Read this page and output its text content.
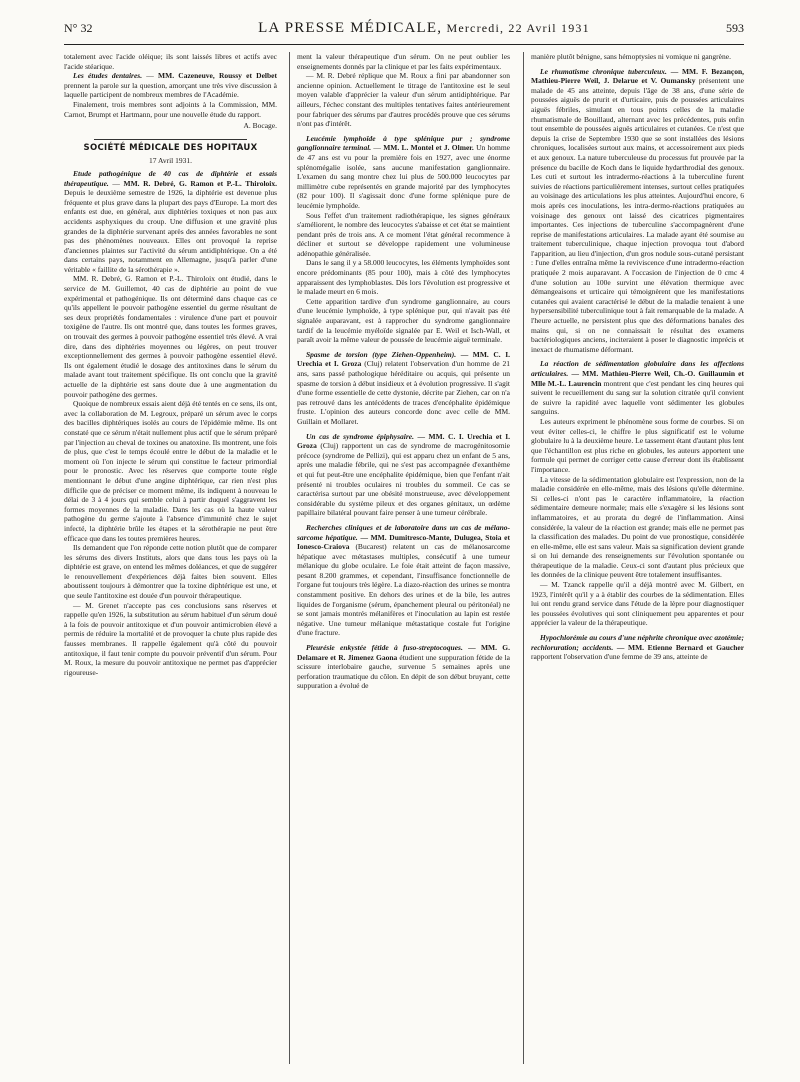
N° 32	LA PRESSE MÉDICALE, Mercredi, 22 Avril 1931	593

totalement avec l'acide oléique; ils sont laissés libres et actifs avec l'acide stéarique.

Les études dentaires. — MM. Cazeneuve, Roussy et Delbet prennent la parole sur la question, amorçant une très vive discussion à laquelle participent de nombreux membres de l'Académie.

Finalement, trois membres sont adjoints à la Commission, MM. Carnot, Brumpt et Hartmann, pour une nouvelle étude du rapport.

A. Bocage.
SOCIÉTÉ MÉDICALE DES HOPITAUX
17 Avril 1931.

Etude pathogénique de 40 cas de diphtérie et essais thérapeutique. — MM. R. Debré, G. Ramon et P.-L. Thiroloix. Depuis le deuxième semestre de 1926, la diphtérie est devenue plus fréquente et plus grave dans la plupart des pays d'Europe. La mort des enfants est due, en général, aux diphtéries toxiques et non pas aux accidents asphyxiques du croup. Une diffusion et une gravité plus grandes de la diphtérie survenant après des années favorables ne sont pas des phénomènes nouveaux. Elles ont provoqué la reprise d'anciennes plaintes sur l'activité du sérum antidiphtérique. On a été dans certains pays, notamment en Allemagne, jusqu'à parler d'une véritable « faillite de la sérothérapie ».

MM. R. Debré, G. Ramon et P.-L. Thiroloix ont étudié, dans le service de M. Guillemot, 40 cas de diphtérie au point de vue expérimental et pathogénique. Ils ont déterminé dans chaque cas ce qu'ils appellent le pouvoir pathogène essentiel du germe résultant de ses deux propriétés fondamentales : virulence d'une part et pouvoir toxigène de l'autre. Ils ont montré que, dans toutes les formes graves, on trouvait des germes à pouvoir pathogène essentiel très élevé. A vrai dire, dans des diphtéries moyennes ou légères, on peut trouver exceptionnellement des germes à pouvoir pathogène essentiel élevé. Ils ont également étudié le dosage des antitoxines dans le sérum du malade avant tout traitement spécifique. Ils ont conclu que la gravité actuelle de la diphtérie est sans doute due à une augmentation du pouvoir pathogène des germes.

Quoique de nombreux essais aient déjà été tentés en ce sens, ils ont, avec la collaboration de M. Legroux, préparé un sérum avec le corps des bacilles diphtériques isolés au cours de l'épidémie même. Ils ont constaté que ce sérum n'était nullement plus actif que le sérum préparé par l'injection au cheval de toxines ou anatoxine. Ils montrent, une fois de plus, que c'est le temps écoulé entre le début de la maladie et le moment où l'on injecte le sérum qui constitue le facteur primordial pour le pronostic. Avec les réserves que comporte toute règle mentionnant le début d'une angine diphtérique, car rien n'est plus difficile que de préciser ce moment même, ils indiquent à nouveau le délai de 3 à 4 jours qui semble celui à partir duquel s'aggravent les formes moyennes de la maladie. Dans les cas où la haute valeur pathogène du germe s'ajoute à l'absence d'immunité chez le sujet infecté, la diphtérie brûle les étapes et la sérothérapie ne peut être efficace que dans les toutes premières heures.

Ils demandent que l'on réponde cette notion plutôt que de comparer les sérums des divers Instituts, alors que dans tous les pays où la diphtérie est grave, on entend les mêmes doléances, et que de suggérer le renouvellement d'expériences déjà faites bien souvent. Elles aboutissent toujours à démontrer que la toxine diphtérique est une, et que seule l'antitoxine est douée d'un pouvoir thérapeutique.

— M. Grenet n'accepte pas ces conclusions sans réserves et rappelle qu'en 1926, la substitution au sérum habituel d'un sérum doué à la fois de pouvoir antitoxique et d'un pouvoir antimicrobien élevé a permis de réduire la mortalité et de provoquer la chute plus rapide des fausses membranes. Il rappelle également qu'à côté du pouvoir antitoxique, il faut tenir compte du pouvoir préventif d'un sérum. Pour M. Roux, la mesure du pouvoir antitoxique ne permet pas d'apprécier rigoureuse-

ment la valeur thérapeutique d'un sérum. On ne peut oublier les enseignements donnés par la clinique et par les faits expérimentaux.

— M. R. Debré réplique que M. Roux a fini par abandonner son ancienne opinion. Actuellement le titrage de l'antitoxine est le seul moyen valable d'apprécier la valeur d'un sérum antidiphtérique. Par ailleurs, l'échec constant des multiples tentatives faites antérieurement pour fabriquer des sérums par d'autres procédés prouve que ces sérums n'ont pas d'intérêt.

Leucémie lymphoïde à type splénique pur ; syndrome ganglionnaire terminal. — MM. L. Montel et J. Olmer. Un homme de 47 ans est vu pour la première fois en 1927, avec une énorme splénomégalie isolée, sans aucune manifestation ganglionnaire. L'examen du sang montre chez lui plus de 500.000 leucocytes par millimètre cube représentés en grande majorité par des lymphocytes (82 pour 100). Il s'agissait donc d'une forme splénique pure de leucémie lymphoïde.

Sous l'effet d'un traitement radiothérapique, les signes généraux s'améliorent, le nombre des leucocytes s'abaisse et cet état se maintient pendant près de trois ans. A ce moment l'état général recommence à décliner et surtout se développe rapidement une volumineuse adénopathie généralisée.

Dans le sang il y a 58.000 leucocytes, les éléments lymphoïdes sont encore prédominants (85 pour 100), mais à côté des lymphocytes apparaissent des lymphoblastes. Dès lors l'évolution est progressive et le malade meurt en 6 mois.

Cette apparition tardive d'un syndrome ganglionnaire, au cours d'une leucémie lymphoïde, à type splénique pur, qui n'avait pas été signalée auparavant, est à rapprocher du syndrome ganglionnaire tardif de la leucémie myéloïde signalée par E. Weil et Isch-Wall, et paraît avoir la même valeur de poussée de leucémie aiguë terminale.

Spasme de torsion (type Ziehen-Oppenheim). — MM. C. I. Urechia et I. Groza (Cluj) relatent l'observation d'un homme de 21 ans, sans passé pathologique héréditaire ou acquis, qui présente un spasme de torsion à début insidieux et à évolution progressive. Il s'agit d'une forme essentielle de cette dystonie, décrite par Ziehen, car on n'a pas retrouvé dans les antécédents de traces d'encéphalite épidémique fruste. L'opinion des auteurs concorde donc avec celle de MM. Guillain et Mollaret.

Un cas de syndrome épiphysaire. — MM. C. I. Urechia et I. Groza (Cluj) rapportent un cas de syndrome de macrogénitosomie précoce (syndrome de Pellizi), qui est apparu chez un enfant de 5 ans, après une maladie fébrile, qui ne s'est pas accompagnée d'exanthème et qui fut peut-être une encéphalite épidémique, bien que l'enfant n'ait présenté ni troubles oculaires ni troubles du sommeil. Ce cas se caractérisa surtout par une obésité monstrueuse, avec développement considérable du système pileux et des organes génitaux, un œdème papillaire bilatéral pouvant faire penser à une tumeur cérébrale.

Recherches cliniques et de laboratoire dans un cas de mélano-sarcome hépatique. — MM. Dumitresco-Mante, Dulugea, Stoia et Ionesco-Craiova (Bucarest) relatent un cas de mélanosarcome hépatique avec métastases multiples, consécutif à une tumeur mélanique du globe oculaire. Le foie était atteint de façon massive, pesant 8.200 grammes, et cependant, l'insuffisance fonctionnelle de l'organe fut toujours très légère. La diazo-réaction des urines se montra constamment positive. En dehors des urines et de la bile, les autres liquides de l'organisme (sérum, épanchement pleural ou péritonéal) ne se sont jamais montrés mélanifères et l'inoculation au lapin est restée négative. Une tumeur mélanique métastatique costale fut l'origine d'une fracture.

Pleurésie enkystée fétide à fuso-streptocoques. — MM. G. Delamare et R. Jimenez Gaona étudient une suppuration fétide de la scissure interlobaire gauche, survenue 5 semaines après une perforation traumatique du côlon. En dépit de son début bruyant, cette suppuration a évolué de

manière plutôt bénigne, sans hémoptysies ni vomique ni gangrène.

Le rhumatisme chronique tuberculeux. — MM. F. Bezançon, Mathieu-Pierre Weil, J. Delarue et V. Oumansky présentent une malade de 45 ans atteinte, depuis l'âge de 38 ans, d'une série de poussées aiguës de prurit et d'urticaire, puis de poussées articulaires aiguës fébriles, simulant en tous points celles de la maladie rhumatismale de Bouillaud, alternant avec les précédentes, puis enfin tout ensemble de poussées aiguës articulaires et cutanées. Ce n'est que depuis la crise de Septembre 1930 que se sont installées des lésions chroniques, localisées surtout aux mains, et accessoirement aux pieds et aux genoux. La nature tuberculeuse du processus fut prouvée par la présence du bacille de Koch dans le liquide hydarthrodial des genoux. Les cuti et surtout les intradermo-réactions à la tuberculine furent suivies de réactions particulièrement intenses, surtout celles pratiquées au voisinage des articulations les plus atteintes. Aujourd'hui encore, 6 mois après ces inoculations, les intra-dermo-réactions pratiquées au voisinage des genoux ont laissé des cicatrices pigmentaires importantes. Ces injections de tuberculine s'accompagnèrent d'une reprise de manifestations articulaires. La malade ayant été soumise au traitement tuberculinique, chaque injection provoqua tout d'abord l'apparition, au lieu d'injection, d'un gros nodule sous-cutané persistant : l'une d'elles entraîna même la reviviscence d'une intradermo-réaction pratiquée 2 mois auparavant. A l'occasion de l'injection de 0 cmc 4 d'une solution au 100e survint une élévation thermique avec démangeaisons et urticaire qui témoignèrent que les manifestations cutanées qui avaient caractérisé le début de la maladie tenaient à une hypersensibilité tuberculinique tout à fait remarquable de la malade. A l'heure actuelle, ne persistent plus que des déformations banales des mains qui, si on ne connaissait le résultat des examens bactériologiques anciens, inciteraient à poser le diagnostic imprécis et inexact de rhumatisme déformant.

La réaction de sédimentation globulaire dans les affections articulaires. — MM. Mathieu-Pierre Weil, Ch.-O. Guillaumin et Mlle M.-L. Laurencin montrent que c'est pendant les cinq heures qui suivent le recueillement du sang sur la solution citratée qu'il convient de suivre la rapidité avec laquelle vont sédimenter les globules sanguins.

Les auteurs expriment le phénomène sous forme de courbes. Si on veut éviter celles-ci, le chiffre le plus significatif est le volume globulaire lu à la deuxième heure. Le tassement étant d'autant plus lent que l'échantillon est plus riche en globules, les auteurs apportent une formule qui permet de corriger cette cause d'erreur dont ils établissent l'importance.

La vitesse de la sédimentation globulaire est l'expression, non de la maladie considérée en elle-même, mais des lésions qu'elle détermine. Si celles-ci n'ont pas le caractère inflammatoire, la réaction sédimentaire demeure normale; mais elle s'exagère si les lésions sont inflammatoires, et au prorata du degré de l'inflammation. Ainsi considérée, la valeur de la réaction est grande; mais elle ne permet pas la classification des malades. Du point de vue pronostique, considérée en elle-même, elle est sans valeur. Mais sa signification devient grande si on lui demande des renseignements sur l'évolution spontanée ou thérapeutique de la maladie. Ceux-ci sont d'autant plus précieux que les données de la clinique peuvent être totalement insuffisantes.

— M. Tzanck rappelle qu'il a déjà montré avec M. Gilbert, en 1923, l'intérêt qu'il y a à établir des courbes de la sédimentation. Elles lui ont rendu grand service dans l'étude de la lèpre pour diagnostiquer les poussées évolutives qui sont cliniquement peu apparentes et pour apprécier la valeur de la thérapeutique.

Hypochlorémie au cours d'une néphrite chronique avec azotémie; rechloruration; accidents. — MM. Etienne Bernard et Gaucher rapportent l'observation d'une femme de 39 ans, atteinte de
